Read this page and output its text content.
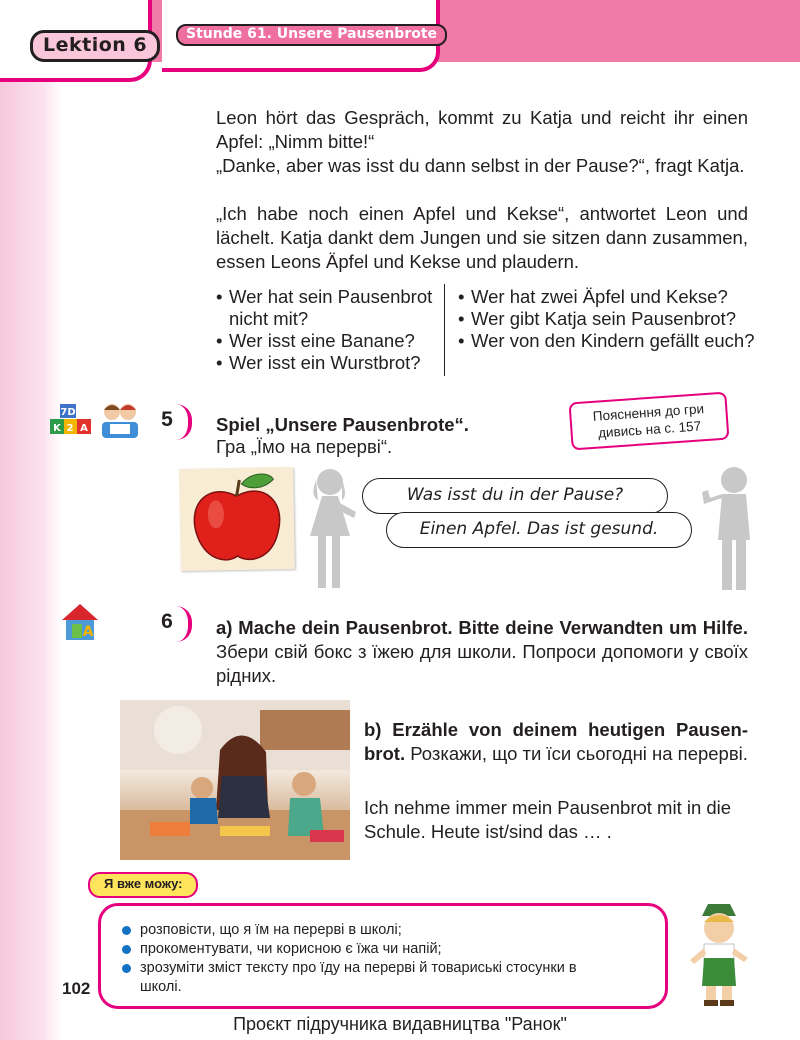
Lektion 6	Stunde 61. Unsere Pausenbrote

Leon hört das Gespräch, kommt zu Katja und reicht ihr einen Apfel: „Nimm bitte!“

„Danke, aber was isst du dann selbst in der Pause?“, fragt Katja.

„Ich habe noch einen Apfel und Kekse“, antwortet Leon und lächelt. Katja dankt dem Jungen und sie sitzen dann zusammen, essen Leons Äpfel und Kekse und plaudern.

• Wer hat sein Pausenbrot nicht mit?
• Wer isst eine Banane?
• Wer isst ein Wurstbrot?
• Wer hat zwei Äpfel und Kekse?
• Wer gibt Katja sein Pausenbrot?
• Wer von den Kindern gefällt euch?
7D
K 2 A	5	Spiel „Unsere Pausenbrote“.
Гра „Їмо на перерві“.
Пояснення до гри
дивись на с. 157
Was isst du in der Pause?
Einen Apfel. Das ist gesund.
A	6	a) Mache dein Pausenbrot. Bitte deine Verwandten um Hilfe. Збери свій бокс з їжею для школи. Попроси допомоги у своїх рідних.

b) Erzähle von deinem heutigen Pausen-brot. Розкажи, що ти їси сьогодні на перерві.

Ich nehme immer mein Pausenbrot mit in die Schule. Heute ist/sind das … .

Я вже можу:
розповісти, що я їм на перерві в школі;
прокоментувати, чи корисною є їжа чи напій;
зрозуміти зміст тексту про їду на перерві й товариські стосунки в школі.
102
Проєкт підручника видавництва "Ранок"
